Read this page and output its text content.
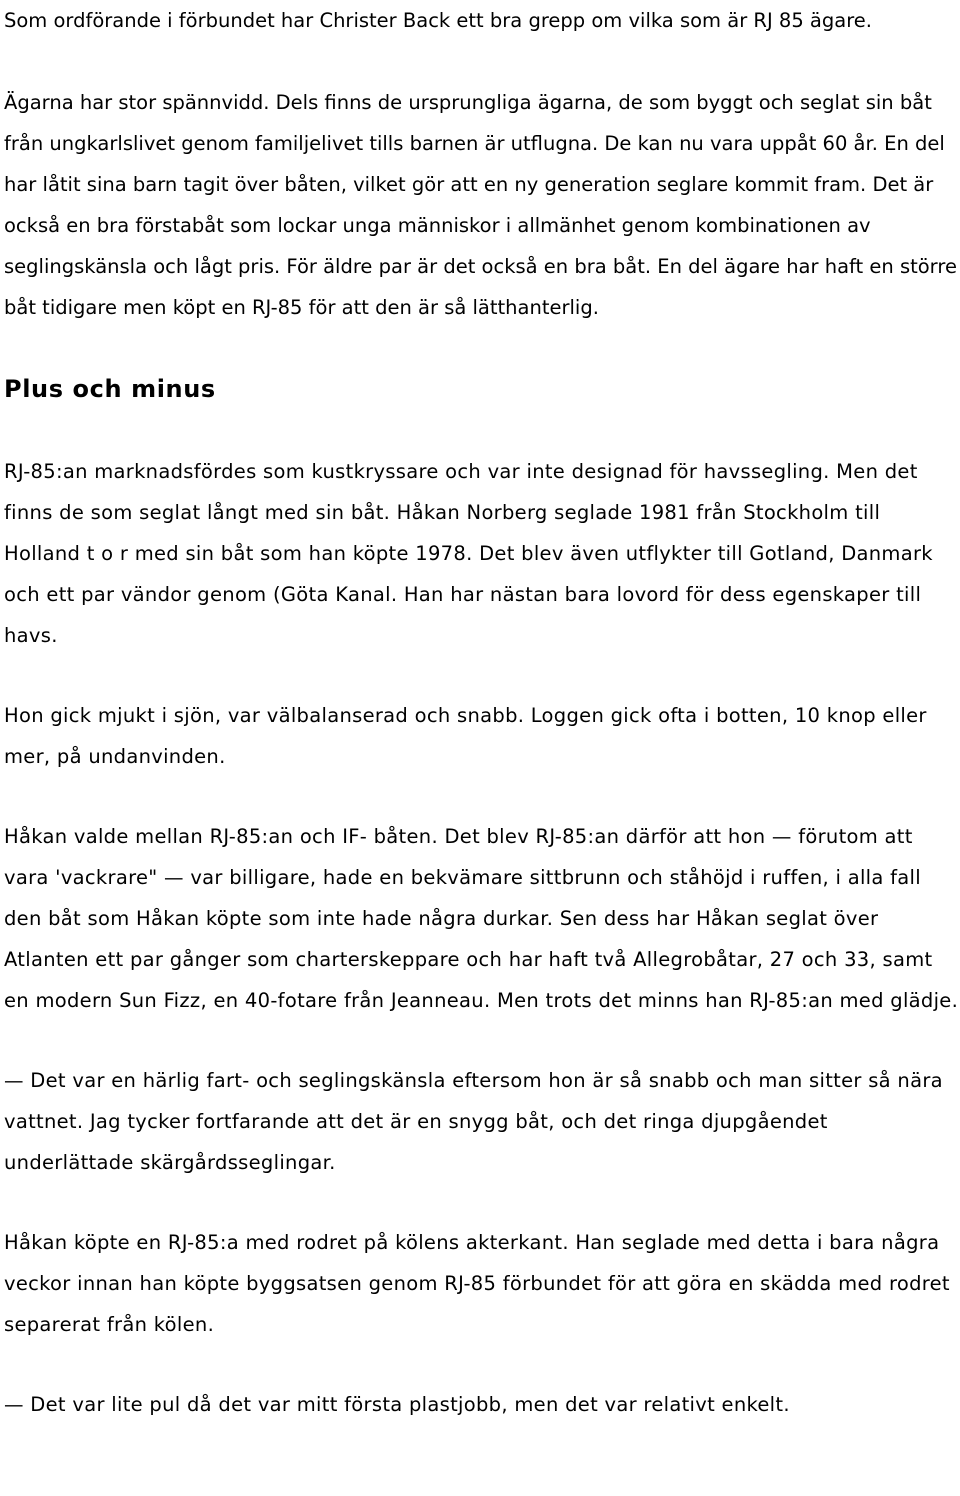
Som ordförande i förbundet har Christer Back ett bra grepp om vilka som är RJ 85 ägare.

Ägarna har stor spännvidd. Dels finns de ursprungliga ägarna, de som byggt och seglat sin båt från ungkarlslivet genom familjelivet tills barnen är utflugna. De kan nu vara uppåt 60 år. En del har låtit sina barn tagit över båten, vilket gör att en ny generation seglare kommit fram. Det är också en bra förstabåt som lockar unga människor i allmänhet genom kombinationen av seglingskänsla och lågt pris. För äldre par är det också en bra båt. En del ägare har haft en större båt tidigare men köpt en RJ-85 för att den är så lätthanterlig.

Plus och minus

RJ-85:an marknadsfördes som kustkryssare och var inte designad för havssegling. Men det finns de som seglat långt med sin båt. Håkan Norberg seglade 1981 från Stockholm till Holland t o r med sin båt som han köpte 1978. Det blev även utflykter till Gotland, Danmark och ett par vändor genom (Göta Kanal. Han har nästan bara lovord för dess egenskaper till havs.

Hon gick mjukt i sjön, var välbalanserad och snabb. Loggen gick ofta i botten, 10 knop eller mer, på undanvinden.

Håkan valde mellan RJ-85:an och IF- båten. Det blev RJ-85:an därför att hon — förutom att vara 'vackrare" — var billigare, hade en bekvämare sittbrunn och ståhöjd i ruffen, i alla fall den båt som Håkan köpte som inte hade några durkar. Sen dess har Håkan seglat över Atlanten ett par gånger som charterskeppare och har haft två Allegrobåtar, 27 och 33, samt en modern Sun Fizz, en 40-fotare från Jeanneau. Men trots det minns han RJ-85:an med glädje.

— Det var en härlig fart- och seglingskänsla eftersom hon är så snabb och man sitter så nära vattnet. Jag tycker fortfarande att det är en snygg båt, och det ringa djupgåendet underlättade skärgårdsseglingar.

Håkan köpte en RJ-85:a med rodret på kölens akterkant. Han seglade med detta i bara några veckor innan han köpte byggsatsen genom RJ-85 förbundet för att göra en skädda med rodret separerat från kölen.

— Det var lite pul då det var mitt första plastjobb, men det var relativt enkelt.
